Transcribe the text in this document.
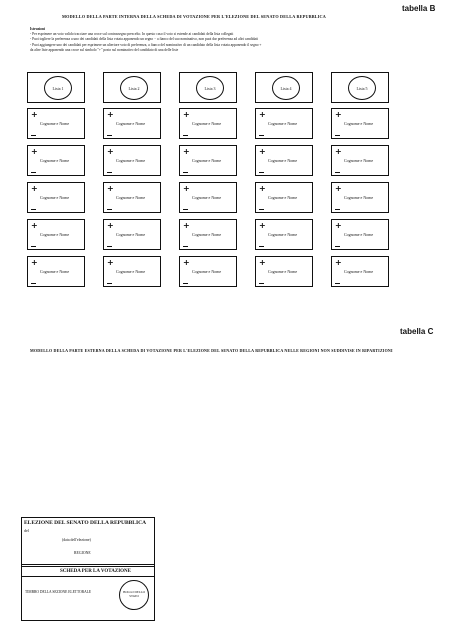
tabella B
MODELLO DELLA PARTE INTERNA DELLA SCHEDA DI VOTAZIONE PER L'ELEZIONE DEL SENATO DELLA REPUBBLICA
Istruzioni
- Per esprimere un voto valido tracciare una croce sul contrassegno prescelto. In questo caso il voto si estende ai candidati della lista collegati
- Puoi togliere la preferenza a uno dei candidati della lista votata apponendo un segno − a fianco del suo nominativo, non puoi dar preferenza ad altri candidati
- Puoi aggiungere uno dei candidati per esprimere un ulteriore voto di preferenza, a fianco del nominativo di un candidato della lista votata apponendo il segno +
da altre liste apponendo una croce sul simbolo "+" posto sul nominativo del candidato di una delle liste
Lista 1
+
Cognome e Nome
+
Cognome e Nome
+
Cognome e Nome
+
Cognome e Nome
+
Cognome e Nome
Lista 2
+
Cognome e Nome
+
Cognome e Nome
+
Cognome e Nome
+
Cognome e Nome
+
Cognome e Nome
Lista 3
+
Cognome e Nome
+
Cognome e Nome
+
Cognome e Nome
+
Cognome e Nome
+
Cognome e Nome
Lista 4
+
Cognome e Nome
+
Cognome e Nome
+
Cognome e Nome
+
Cognome e Nome
+
Cognome e Nome
Lista 5
+
Cognome e Nome
+
Cognome e Nome
+
Cognome e Nome
+
Cognome e Nome
+
Cognome e Nome
tabella C
MODELLO DELLA PARTE ESTERNA DELLA SCHEDA DI VOTAZIONE PER L'ELEZIONE DEL SENATO DELLA REPUBBLICA NELLE REGIONI NON SUDDIVISE IN RIPARTIZIONI
ELEZIONE DEL SENATO DELLA REPUBBLICA
del
(data dell'elezione)
REGIONE
SCHEDA PER LA VOTAZIONE
TIMBRO DELLA SEZIONE ELETTORALE	BOLLO DELLO STATO
